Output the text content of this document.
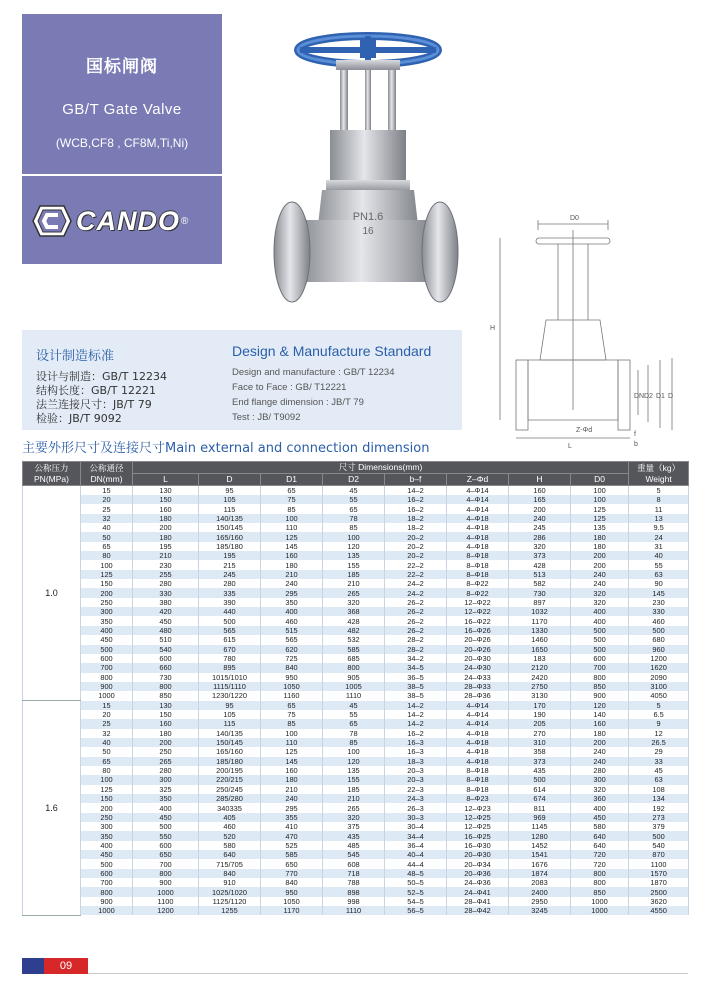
国标闸阀
GB/T Gate Valve
(WCB,CF8 , CF8M,Ti,Ni)
CANDO ®	PN1.6
16
D0
H
DN D2 D1 D
L
Z-Φd
f
b
设计制造标准
设计与制造：GB/T 12234
结构长度：GB/T 12221
法兰连接尺寸：JB/T 79
检验：JB/T 9092
Design & Manufacture Standard
Design and manufacture : GB/T 12234
Face to Face : GB/ T12221
End flange dimension : JB/T 79
Test : JB/ T9092
主要外形尺寸及连接尺寸Main external and connection dimension
公称压力 PN(MPa)	公称通径 DN(mm)	尺寸 Dimensions(mm)								重量（kg）Weight
		L	D	D1	D2	b–f	Z–Φd	H	D0	
1.0	15	130	95	65	45	14–2	4–Φ14	160	100	5
	20	150	105	75	55	16–2	4–Φ14	165	100	8
	25	160	115	85	65	16–2	4–Φ14	200	125	11
	32	180	140/135	100	78	18–2	4–Φ18	240	125	13
	40	200	150/145	110	85	18–2	4–Φ18	245	135	9.5
	50	180	165/160	125	100	20–2	4–Φ18	286	180	24
	65	195	185/180	145	120	20–2	4–Φ18	320	180	31
	80	210	195	160	135	20–2	8–Φ18	373	200	40
	100	230	215	180	155	22–2	8–Φ18	428	200	55
	125	255	245	210	185	22–2	8–Φ18	513	240	63
	150	280	280	240	210	24–2	8–Φ22	582	240	90
	200	330	335	295	265	24–2	8–Φ22	730	320	145
	250	380	390	350	320	26–2	12–Φ22	897	320	230
	300	420	440	400	368	26–2	12–Φ22	1032	400	330
	350	450	500	460	428	26–2	16–Φ22	1170	400	460
	400	480	565	515	482	26–2	16–Φ26	1330	500	500
	450	510	615	565	532	28–2	20–Φ26	1460	500	680
	500	540	670	620	585	28–2	20–Φ26	1650	500	960
	600	600	780	725	685	34–2	20–Φ30	183	600	1200
	700	660	895	840	800	34–5	24–Φ30	2120	700	1620
	800	730	1015/1010	950	905	36–5	24–Φ33	2420	800	2090
	900	800	1115/1110	1050	1005	38–5	28–Φ33	2750	850	3100
	1000	850	1230/1220	1160	1110	38–5	28–Φ36	3130	900	4050
1.6	15	130	95	65	45	14–2	4–Φ14	170	120	5
	20	150	105	75	55	14–2	4–Φ14	190	140	6.5
	25	160	115	85	65	14–2	4–Φ14	205	160	9
	32	180	140/135	100	78	16–2	4–Φ18	270	180	12
	40	200	150/145	110	85	16–3	4–Φ18	310	200	26.5
	50	250	165/160	125	100	16–3	4–Φ18	358	240	29
	65	265	185/180	145	120	18–3	4–Φ18	373	240	33
	80	280	200/195	160	135	20–3	8–Φ18	435	280	45
	100	300	220/215	180	155	20–3	8–Φ18	500	300	63
	125	325	250/245	210	185	22–3	8–Φ18	614	320	108
	150	350	285/280	240	210	24–3	8–Φ23	674	360	134
	200	400	340335	295	265	26–3	12–Φ23	811	400	192
	250	450	405	355	320	30–3	12–Φ25	969	450	273
	300	500	460	410	375	30–4	12–Φ25	1145	580	379
	350	550	520	470	435	34–4	16–Φ25	1280	640	500
	400	600	580	525	485	36–4	16–Φ30	1452	640	540
	450	650	640	585	545	40–4	20–Φ30	1541	720	870
	500	700	715/705	650	608	44–4	20–Φ34	1676	720	1100
	600	800	840	770	718	48–5	20–Φ36	1874	800	1570
	700	900	910	840	788	50–5	24–Φ36	2083	800	1870
	800	1000	1025/1020	950	898	52–5	24–Φ41	2400	850	2500
	900	1100	1125/1120	1050	998	54–5	28–Φ41	2950	1000	3620
	1000	1200	1255	1170	1110	56–5	28–Φ42	3245	1000	4550
09
